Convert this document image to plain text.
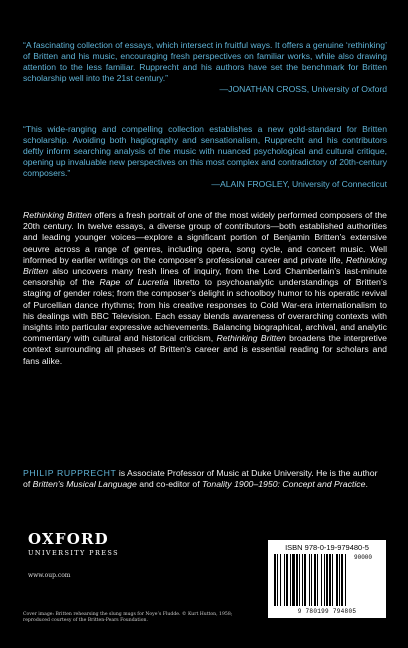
“A fascinating collection of essays, which intersect in fruitful ways. It offers a genuine ‘rethinking’ of Britten and his music, encouraging fresh perspectives on familiar works, while also drawing attention to the less familiar. Rupprecht and his authors have set the benchmark for Britten scholarship well into the 21st century.”
—JONATHAN CROSS, University of Oxford
“This wide-ranging and compelling collection establishes a new gold-standard for Britten scholarship. Avoiding both hagiography and sensationalism, Rupprecht and his contributors deftly inform searching analysis of the music with nuanced psychological and cultural critique, opening up invaluable new perspectives on this most complex and contradictory of 20th-century composers.”
—ALAIN FROGLEY, University of Connecticut
Rethinking Britten offers a fresh portrait of one of the most widely performed composers of the 20th century. In twelve essays, a diverse group of contributors—both established authorities and leading younger voices—explore a significant portion of Benjamin Britten’s extensive oeuvre across a range of genres, including opera, song cycle, and concert music. Well informed by earlier writings on the composer’s professional career and private life, Rethinking Britten also uncovers many fresh lines of inquiry, from the Lord Chamberlain’s last-minute censorship of the Rape of Lucretia libretto to psychoanalytic understandings of Britten’s staging of gender roles; from the composer’s delight in schoolboy humor to his operatic revival of Purcellian dance rhythms; from his creative responses to Cold War-era internationalism to his dealings with BBC Television. Each essay blends awareness of overarching contexts with insights into particular expressive achievements. Balancing biographical, archival, and analytic commentary with cultural and historical criticism, Rethinking Britten broadens the interpretive context surrounding all phases of Britten’s career and is essential reading for scholars and fans alike.
PHILIP RUPPRECHT is Associate Professor of Music at Duke University. He is the author of Britten’s Musical Language and co-editor of Tonality 1900–1950: Concept and Practice.
OXFORD
UNIVERSITY PRESS
www.oup.com
Cover image: Britten rehearsing the slung mugs for Noye’s Fludde. © Kurt Hutton, 1958; reproduced courtesy of the Britten-Pears Foundation.
ISBN 978-0-19-979480-5
90000
9 780199 794805
